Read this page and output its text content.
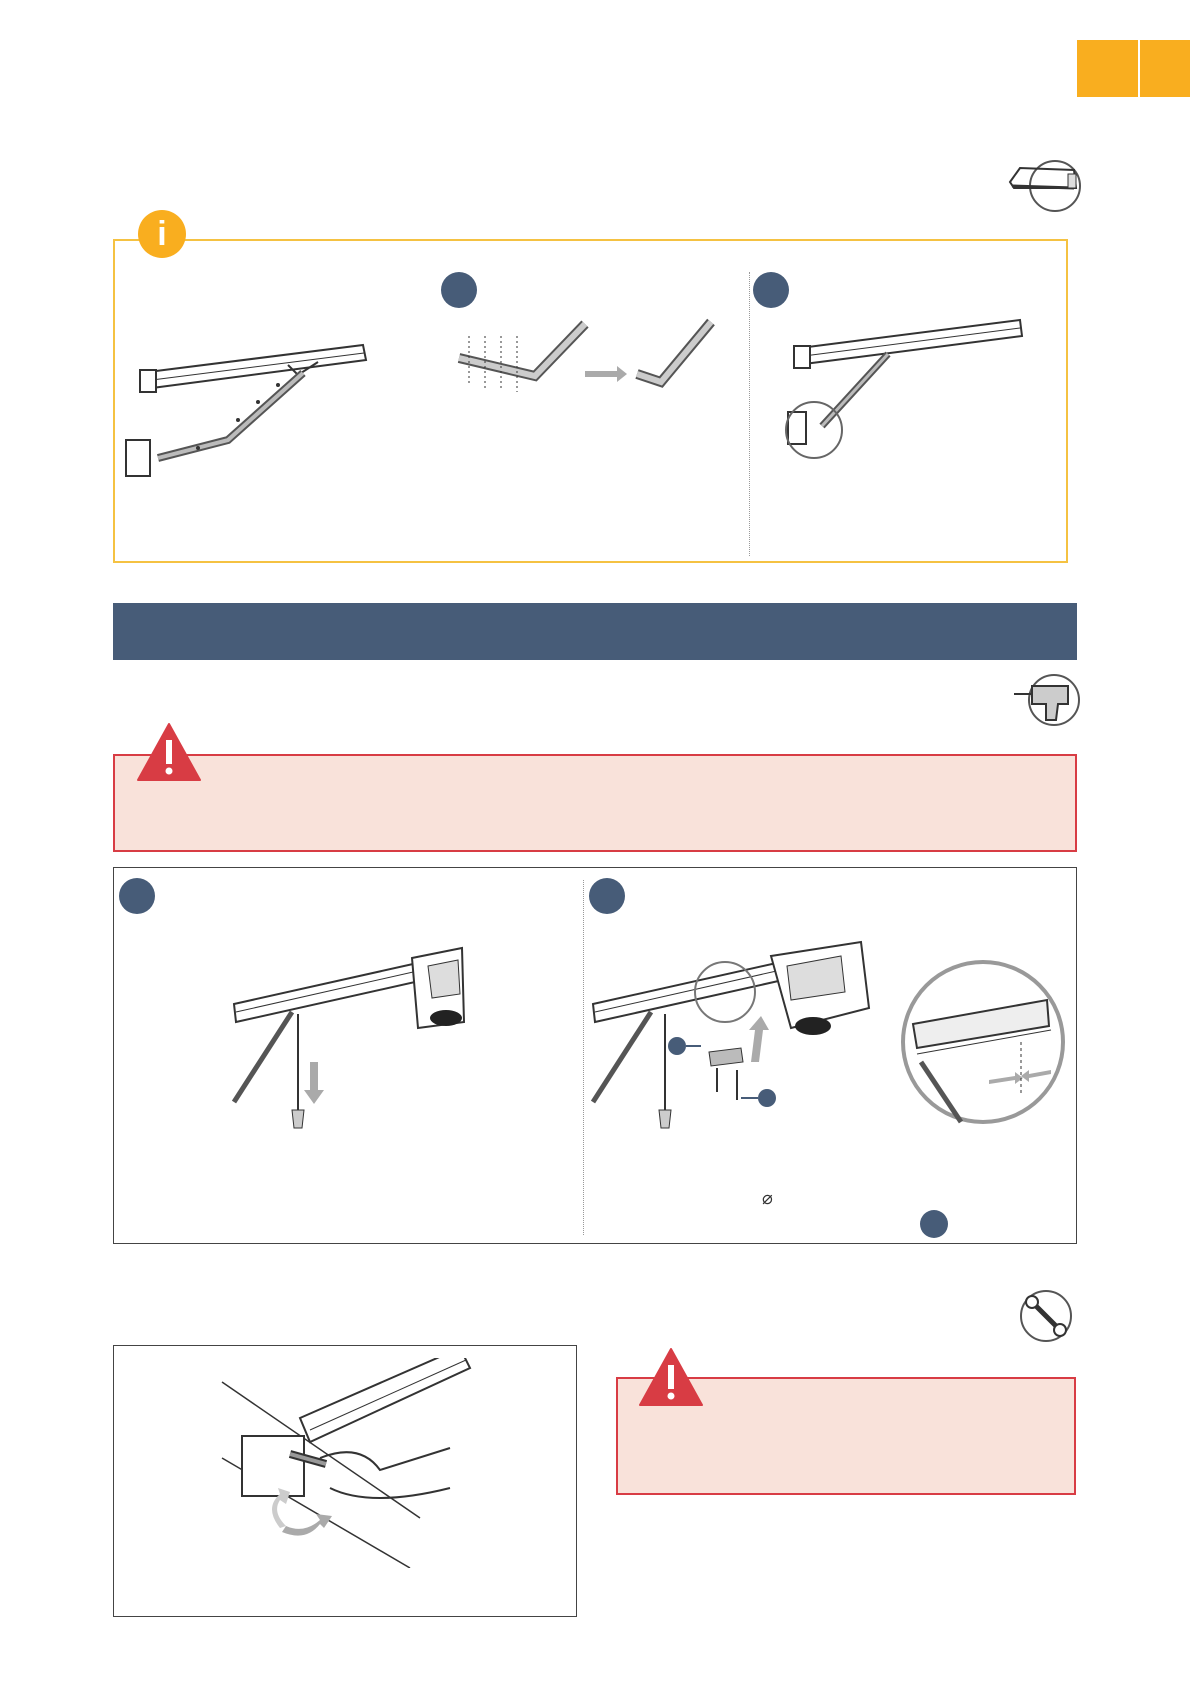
i
⌀
